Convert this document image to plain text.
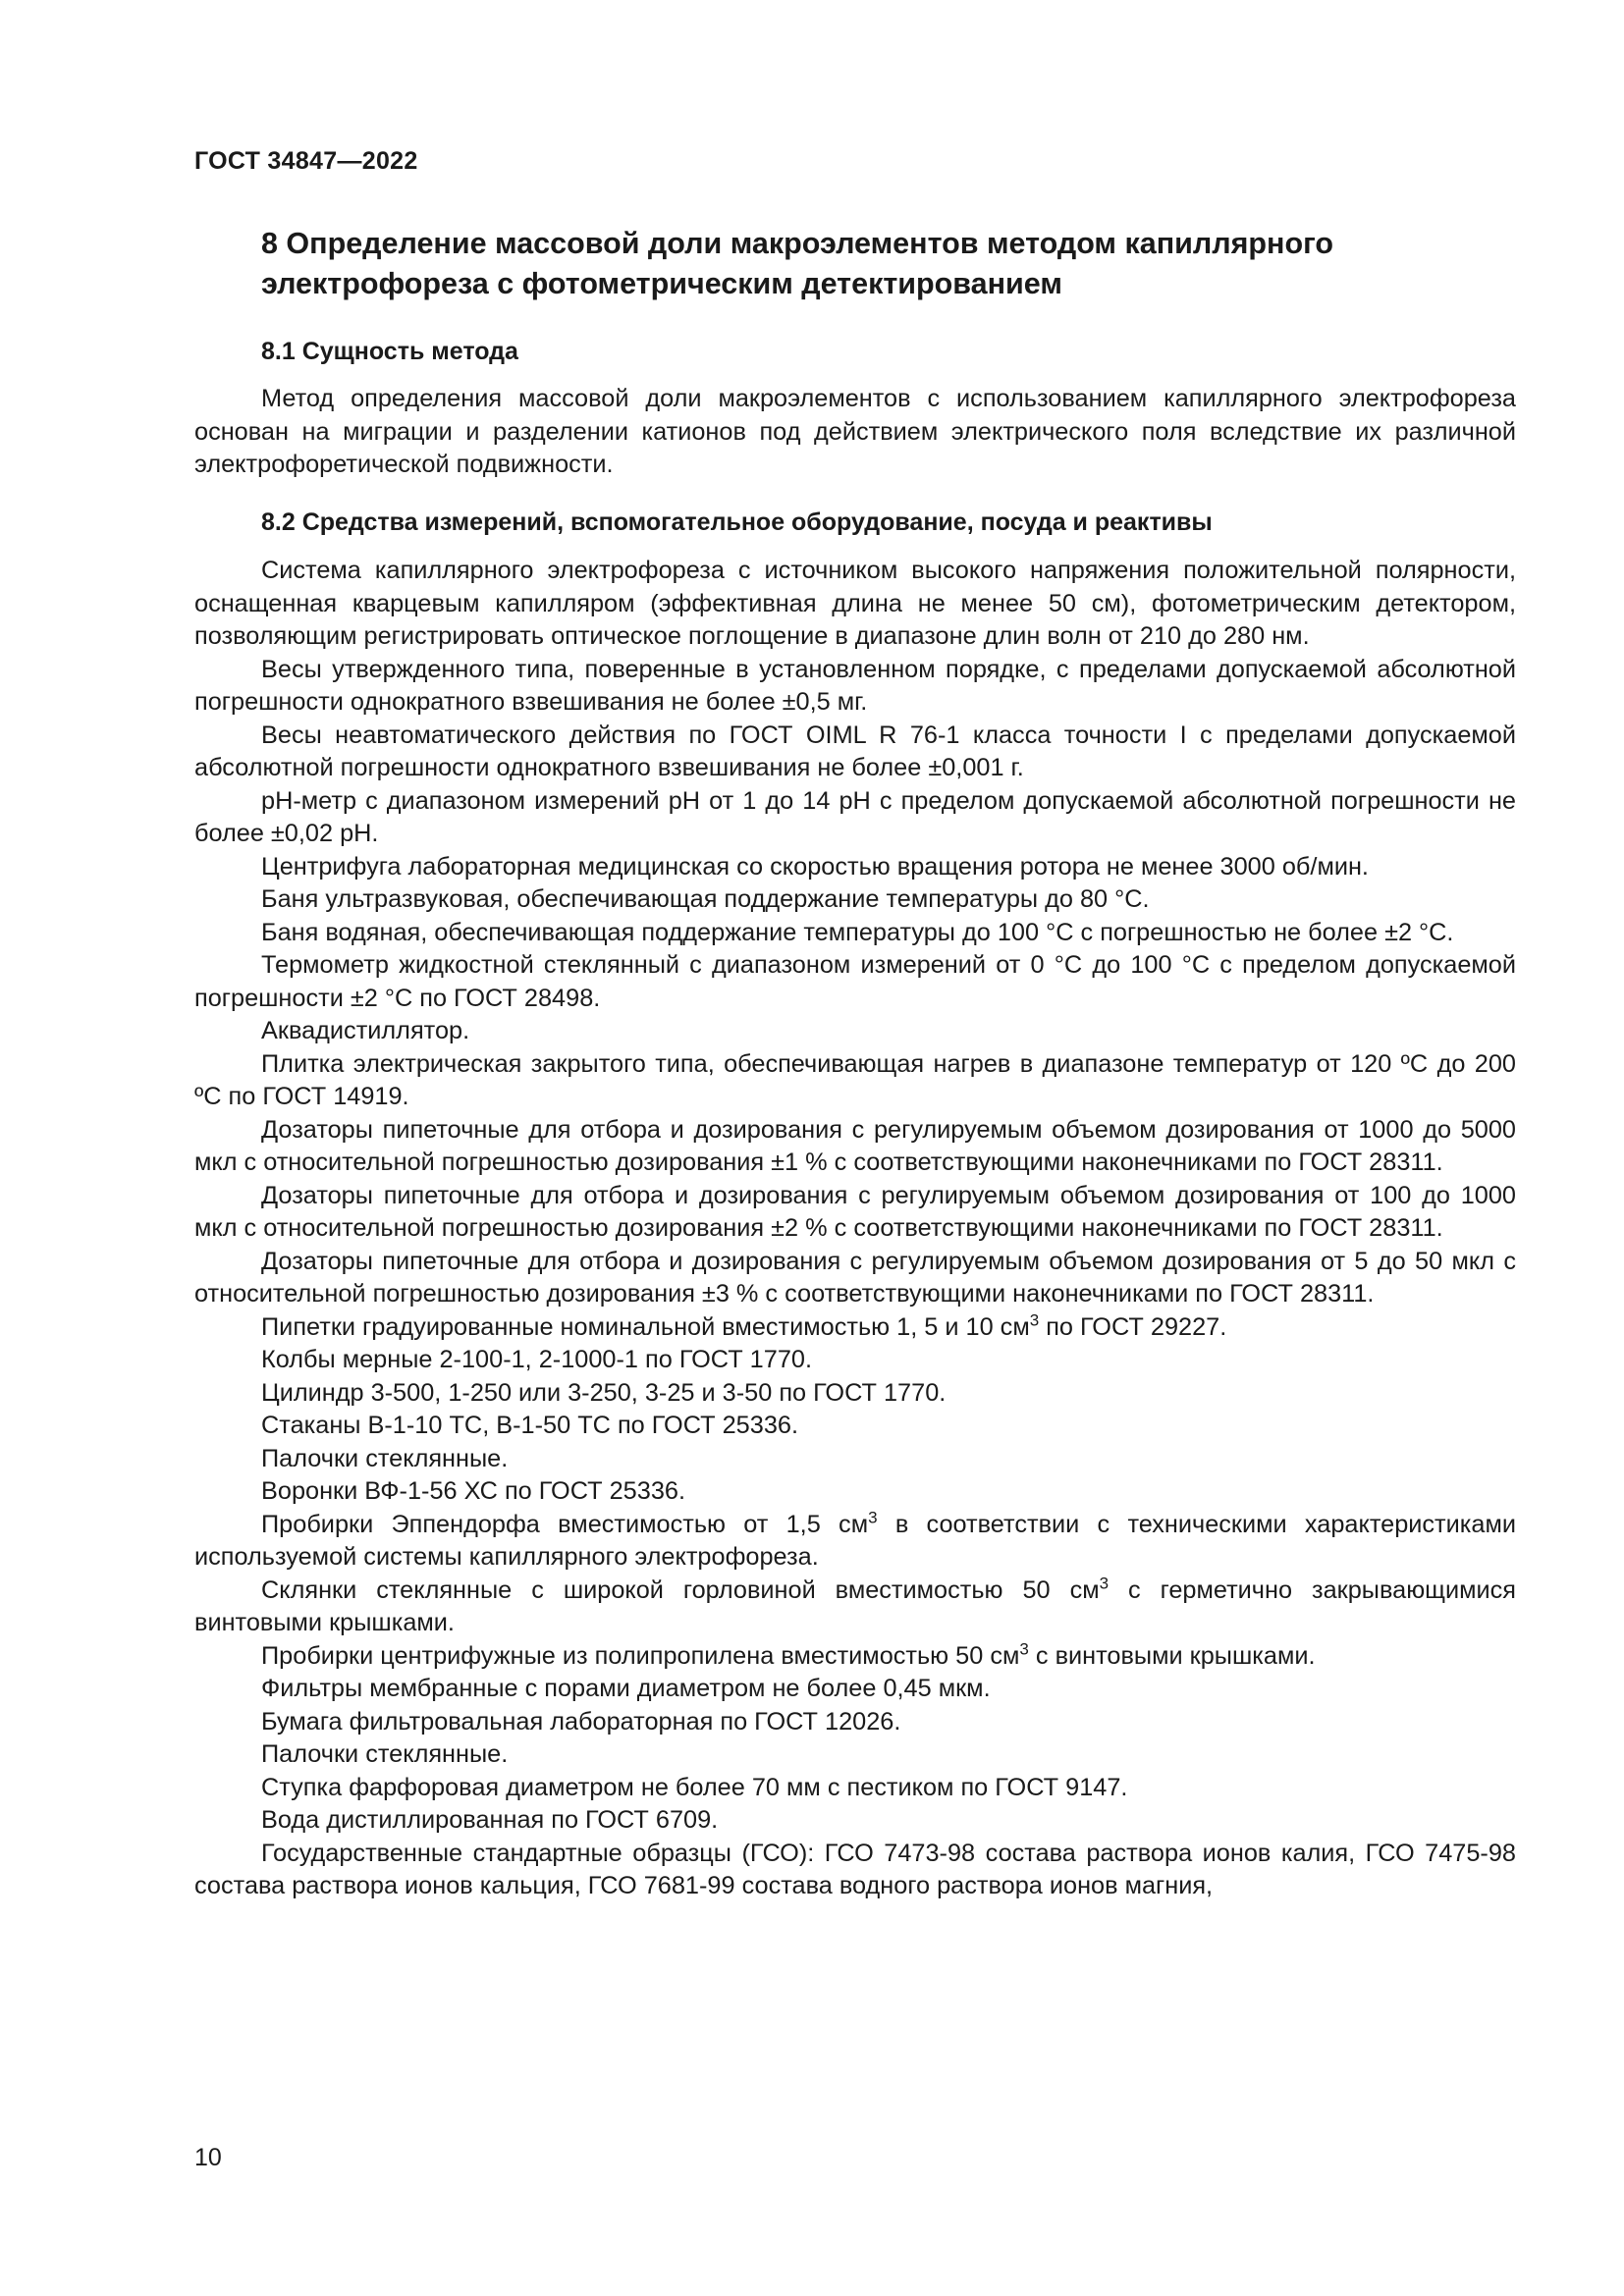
ГОСТ 34847—2022
8 Определение массовой доли макроэлементов методом капиллярного электрофореза с фотометрическим детектированием
8.1 Сущность метода

Метод определения массовой доли макроэлементов с использованием капиллярного электрофореза основан на миграции и разделении катионов под действием электрического поля вследствие их различной электрофоретической подвижности.

8.2 Средства измерений, вспомогательное оборудование, посуда и реактивы

Система капиллярного электрофореза с источником высокого напряжения положительной полярности, оснащенная кварцевым капилляром (эффективная длина не менее 50 см), фотометрическим детектором, позволяющим регистрировать оптическое поглощение в диапазоне длин волн от 210 до 280 нм.

Весы утвержденного типа, поверенные в установленном порядке, с пределами допускаемой абсолютной погрешности однократного взвешивания не более ±0,5 мг.

Весы неавтоматического действия по ГОСТ OIML R 76-1 класса точности I с пределами допускаемой абсолютной погрешности однократного взвешивания не более ±0,001 г.

рН-метр с диапазоном измерений рН от 1 до 14 рН с пределом допускаемой абсолютной погрешности не более ±0,02 рН.

Центрифуга лабораторная медицинская со скоростью вращения ротора не менее 3000 об/мин.

Баня ультразвуковая, обеспечивающая поддержание температуры до 80 °С.

Баня водяная, обеспечивающая поддержание температуры до 100 °С с погрешностью не более ±2 °С.

Термометр жидкостной стеклянный с диапазоном измерений от 0 °С до 100 °С с пределом допускаемой погрешности ±2 °С по ГОСТ 28498.

Аквадистиллятор.

Плитка электрическая закрытого типа, обеспечивающая нагрев в диапазоне температур от 120 ºС до 200 ºС по ГОСТ 14919.

Дозаторы пипеточные для отбора и дозирования с регулируемым объемом дозирования от 1000 до 5000 мкл с относительной погрешностью дозирования ±1 % с соответствующими наконечниками по ГОСТ 28311.

Дозаторы пипеточные для отбора и дозирования с регулируемым объемом дозирования от 100 до 1000 мкл с относительной погрешностью дозирования ±2 % с соответствующими наконечниками по ГОСТ 28311.

Дозаторы пипеточные для отбора и дозирования с регулируемым объемом дозирования от 5 до 50 мкл с относительной погрешностью дозирования ±3 % с соответствующими наконечниками по ГОСТ 28311.

Пипетки градуированные номинальной вместимостью 1, 5 и 10 $см^3$ по ГОСТ 29227.

Колбы мерные 2-100-1, 2-1000-1 по ГОСТ 1770.

Цилиндр 3-500, 1-250 или 3-250, 3-25 и 3-50 по ГОСТ 1770.

Стаканы В-1-10 ТС, В-1-50 ТС по ГОСТ 25336.

Палочки стеклянные.

Воронки ВФ-1-56 ХС по ГОСТ 25336.

Пробирки Эппендорфа вместимостью от 1,5 $см^3$ в соответствии с техническими характеристиками используемой системы капиллярного электрофореза.

Склянки стеклянные с широкой горловиной вместимостью 50 $см^3$ с герметично закрывающимися винтовыми крышками.

Пробирки центрифужные из полипропилена вместимостью 50 $см^3$ с винтовыми крышками.

Фильтры мембранные с порами диаметром не более 0,45 мкм.

Бумага фильтровальная лабораторная по ГОСТ 12026.

Палочки стеклянные.

Ступка фарфоровая диаметром не более 70 мм с пестиком по ГОСТ 9147.

Вода дистиллированная по ГОСТ 6709.

Государственные стандартные образцы (ГСО): ГСО 7473-98 состава раствора ионов калия, ГСО 7475-98 состава раствора ионов кальция, ГСО 7681-99 состава водного раствора ионов магния,

10
